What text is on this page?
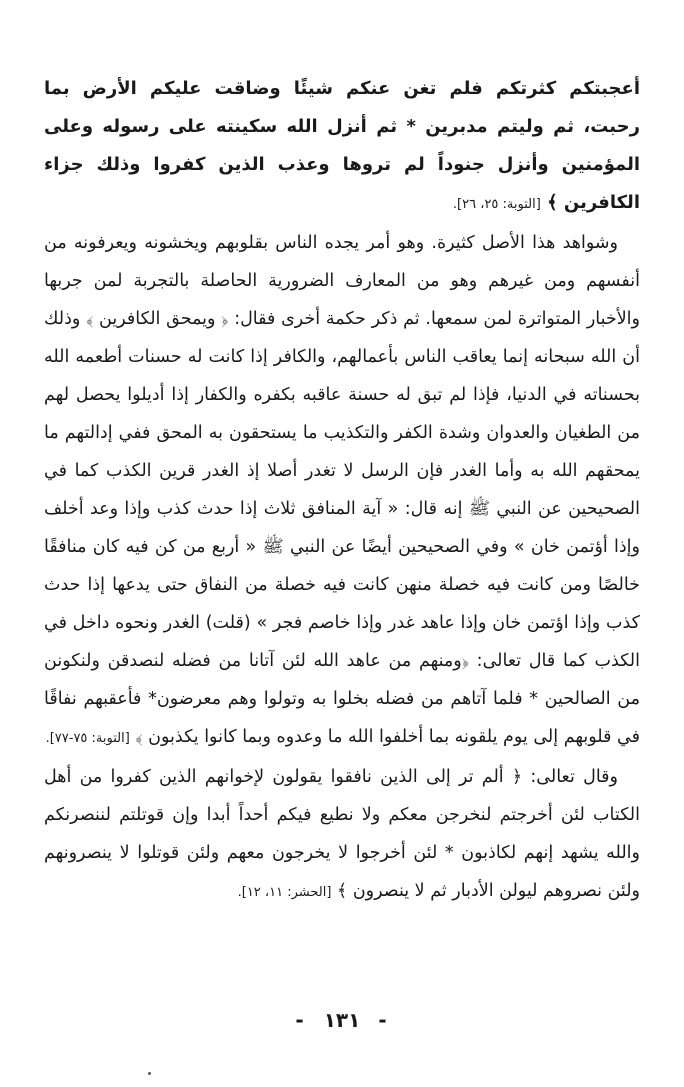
أعجبتكم كثرتكم فلم تغن عنكم شيئًا وضاقت عليكم الأرض بما رحبت، ثم وليتم مدبرين * ثم أنزل الله سكينته على رسوله وعلى المؤمنين وأنزل جنوداً لم تروها وعذب الذين كفروا وذلك جزاء الكافرين ﴾ [التوبة: ٢٥، ٢٦].

وشواهد هذا الأصل كثيرة. وهو أمر يجده الناس بقلوبهم ويخشونه ويعرفونه من أنفسهم ومن غيرهم وهو من المعارف الضرورية الحاصلة بالتجربة لمن جربها والأخبار المتواترة لمن سمعها. ثم ذكر حكمة أخرى فقال: ﴿ ويمحق الكافرين ﴾ وذلك أن الله سبحانه إنما يعاقب الناس بأعمالهم، والكافر إذا كانت له حسنات أطعمه الله بحسناته في الدنيا، فإذا لم تبق له حسنة عاقبه بكفره والكفار إذا أديلوا يحصل لهم من الطغيان والعدوان وشدة الكفر والتكذيب ما يستحقون به المحق ففي إدالتهم ما يمحقهم الله به وأما الغدر فإن الرسل لا تغدر أصلا إذ الغدر قرين الكذب كما في الصحيحين عن النبي ﷺ إنه قال: « آية المنافق ثلاث إذا حدث كذب وإذا وعد أخلف وإذا أؤتمن خان » وفي الصحيحين أيضًا عن النبي ﷺ « أربع من كن فيه كان منافقًا خالصًا ومن كانت فيه خصلة منهن كانت فيه خصلة من النفاق حتى يدعها إذا حدث كذب وإذا اؤتمن خان وإذا عاهد غدر وإذا خاصم فجر » (قلت) الغدر ونحوه داخل في الكذب كما قال تعالى: ﴿ومنهم من عاهد الله لئن آتانا من فضله لنصدقن ولنكونن من الصالحين * فلما آتاهم من فضله بخلوا به وتولوا وهم معرضون* فأعقبهم نفاقًا في قلوبهم إلى يوم يلقونه بما أخلفوا الله ما وعدوه وبما كانوا يكذبون ﴾ [التوبة: ٧٥-٧٧].

وقال تعالى: ﴿ ألم تر إلى الذين نافقوا يقولون لإخوانهم الذين كفروا من أهل الكتاب لئن أخرجتم لنخرجن معكم ولا نطيع فيكم أحداً أبدا وإن قوتلتم لننصرنكم والله يشهد إنهم لكاذبون * لئن أخرجوا لا يخرجون معهم ولئن قوتلوا لا ينصرونهم ولئن نصروهم ليولن الأدبار ثم لا ينصرون ﴾ [الحشر: ١١، ١٢].

-١٣١-
